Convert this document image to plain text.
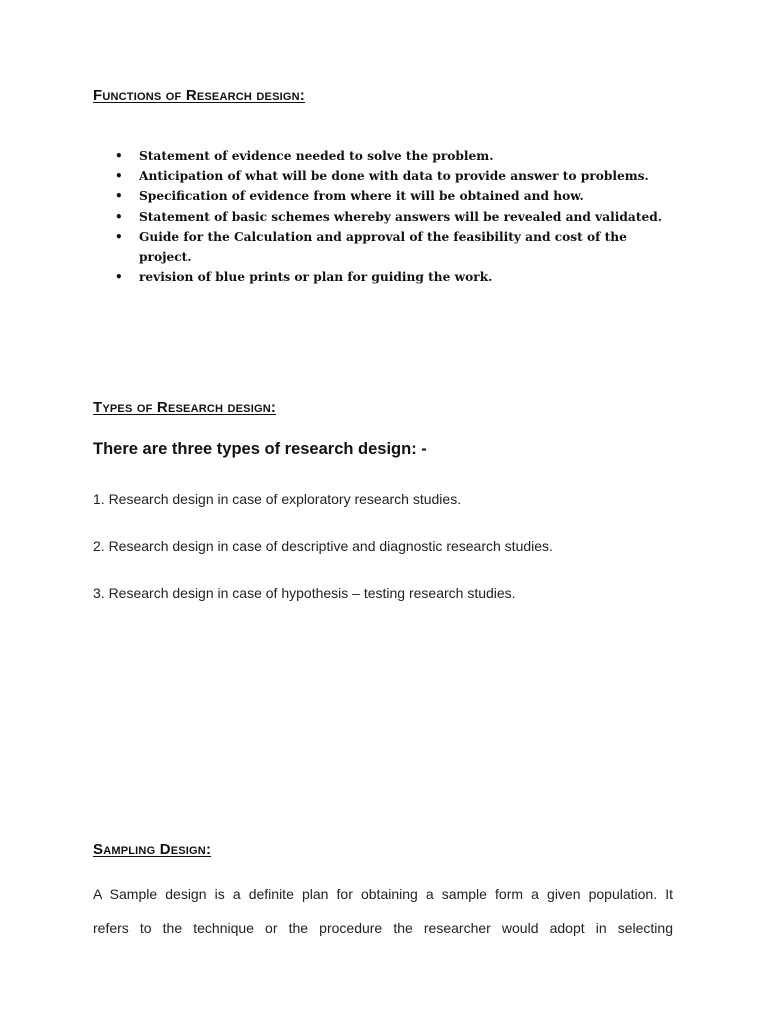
Functions of Research design:
• Statement of evidence needed to solve the problem.
• Anticipation of what will be done with data to provide answer to problems.
• Specification of evidence from where it will be obtained and how.
• Statement of basic schemes whereby answers will be revealed and validated.
• Guide for the Calculation and approval of the feasibility and cost of the project.
• revision of blue prints or plan for guiding the work.
Types of Research design:

There are three types of research design: -

1. Research design in case of exploratory research studies.
2. Research design in case of descriptive and diagnostic research studies.
3. Research design in case of hypothesis – testing research studies.
Sampling Design:

A Sample design is a definite plan for obtaining a sample form a given population. It
refers to the technique or the procedure the researcher would adopt in selecting
